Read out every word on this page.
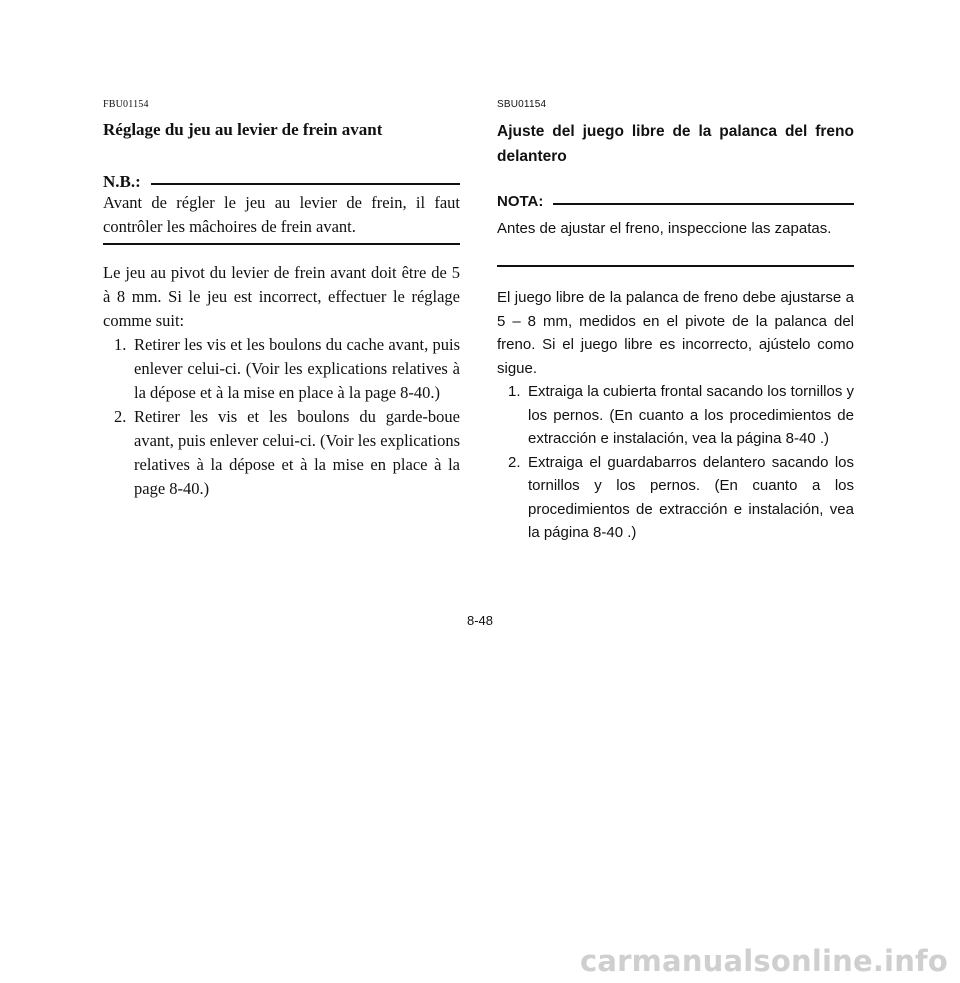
FBU01154
Réglage du jeu au levier de frein avant
N.B.:
Avant de régler le jeu au levier de frein, il faut contrôler les mâchoires de frein avant.
Le jeu au pivot du levier de frein avant doit être de 5 à 8 mm. Si le jeu est incorrect, effectuer le réglage comme suit:
1. Retirer les vis et les boulons du cache avant, puis enlever celui-ci. (Voir les explications relatives à la dépose et à la mise en place à la page 8-40.)
2. Retirer les vis et les boulons du garde-boue avant, puis enlever celui-ci. (Voir les explications relatives à la dépose et à la mise en place à la page 8-40.)
SBU01154
Ajuste del juego libre de la palanca del freno delantero
NOTA:
Antes de ajustar el freno, inspeccione las zapatas.
El juego libre de la palanca de freno debe ajustarse a 5 – 8 mm, medidos en el pivote de la palanca del freno. Si el juego libre es incorrecto, ajústelo como sigue.
1. Extraiga la cubierta frontal sacando los tornillos y los pernos. (En cuanto a los procedimientos de extracción e instalación, vea la página 8-40 .)
2. Extraiga el guardabarros delantero sacando los tornillos y los pernos. (En cuanto a los procedimientos de extracción e instalación, vea la página 8-40 .)
8-48
carmanualsonline.info
